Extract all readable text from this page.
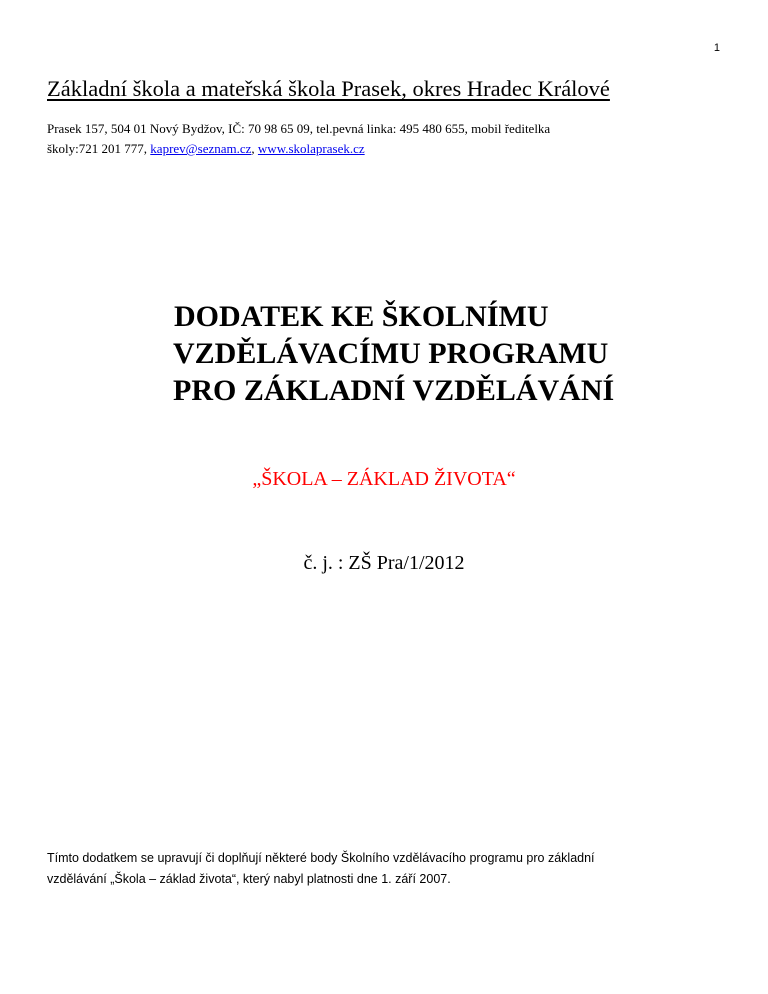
1
Základní škola a mateřská škola Prasek, okres Hradec Králové
Prasek 157, 504 01 Nový Bydžov, IČ: 70 98 65 09, tel.pevná linka: 495 480 655, mobil ředitelka
školy:721 201 777, kaprev@seznam.cz, www.skolaprasek.cz
DODATEK KE ŠKOLNÍMU
VZDĚLÁVACÍMU PROGRAMU
PRO ZÁKLADNÍ VZDĚLÁVÁNÍ
„ŠKOLA – ZÁKLAD ŽIVOTA“
č. j. : ZŠ Pra/1/2012
Tímto dodatkem se upravují či doplňují některé body Školního vzdělávacího programu pro základní
vzdělávání „Škola – základ života“, který nabyl platnosti dne 1. září 2007.
